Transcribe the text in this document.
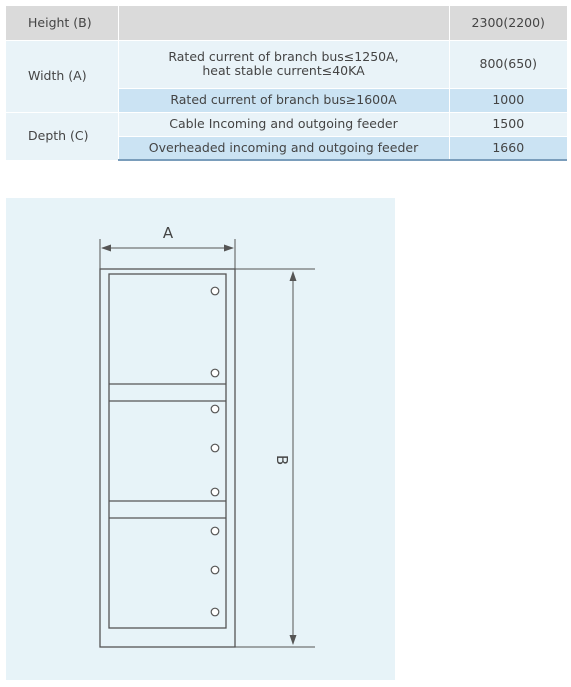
Height (B)		2300(2200)
Width (A)	Rated current of branch bus≤1250A,
heat stable current≤40KA	800(650)
	Rated current of branch bus≥1600A	1000
Depth (C)	Cable Incoming and outgoing feeder	1500
	Overheaded incoming and outgoing feeder	1660
A
B
